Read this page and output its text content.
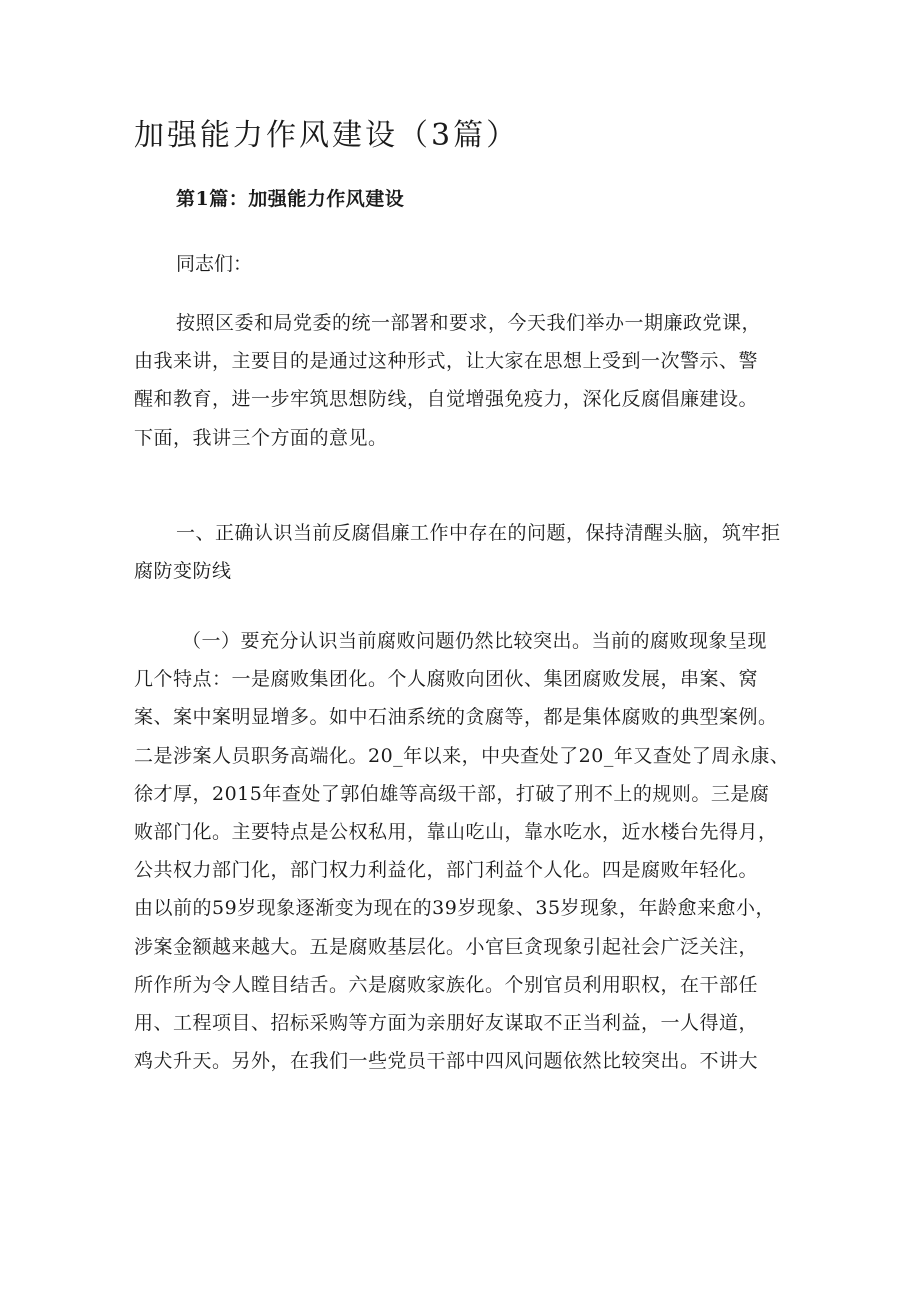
加强能力作风建设（3篇）
第1篇：加强能力作风建设

同志们：

按照区委和局党委的统一部署和要求，今天我们举办一期廉政党课，
由我来讲，主要目的是通过这种形式，让大家在思想上受到一次警示、警
醒和教育，进一步牢筑思想防线，自觉增强免疫力，深化反腐倡廉建设。
下面，我讲三个方面的意见。

一、正确认识当前反腐倡廉工作中存在的问题，保持清醒头脑，筑牢拒
腐防变防线

（一）要充分认识当前腐败问题仍然比较突出。当前的腐败现象呈现
几个特点：一是腐败集团化。个人腐败向团伙、集团腐败发展，串案、窝
案、案中案明显增多。如中石油系统的贪腐等，都是集体腐败的典型案例。
二是涉案人员职务高端化。20_年以来，中央查处了20_年又查处了周永康、
徐才厚，2015年查处了郭伯雄等高级干部，打破了刑不上的规则。三是腐
败部门化。主要特点是公权私用，靠山吃山，靠水吃水，近水楼台先得月，
公共权力部门化，部门权力利益化，部门利益个人化。四是腐败年轻化。
由以前的59岁现象逐渐变为现在的39岁现象、35岁现象，年龄愈来愈小，
涉案金额越来越大。五是腐败基层化。小官巨贪现象引起社会广泛关注，
所作所为令人瞠目结舌。六是腐败家族化。个别官员利用职权，在干部任
用、工程项目、招标采购等方面为亲朋好友谋取不正当利益，一人得道，
鸡犬升天。另外，在我们一些党员干部中四风问题依然比较突出。不讲大
